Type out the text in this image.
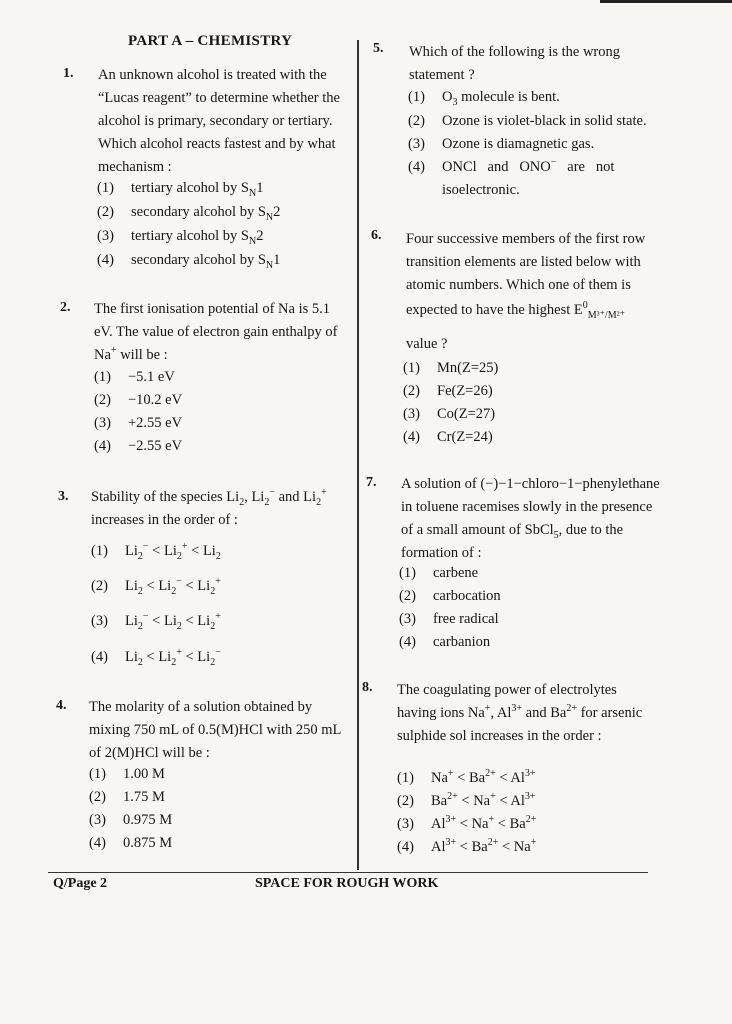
PART A – CHEMISTRY
1. An unknown alcohol is treated with the “Lucas reagent” to determine whether the alcohol is primary, secondary or tertiary. Which alcohol reacts fastest and by what mechanism :
(1) tertiary alcohol by $S_N1$
(2) secondary alcohol by $S_N2$
(3) tertiary alcohol by $S_N2$
(4) secondary alcohol by $S_N1$
2. The first ionisation potential of Na is 5.1 eV. The value of electron gain enthalpy of Na+ will be :
(1) −5.1 eV
(2) −10.2 eV
(3) +2.55 eV
(4) −2.55 eV
3. Stability of the species $Li_2$, $Li_2^-$ and $Li_2^+$ increases in the order of :
(1) $Li_2^- < Li_2^+ < Li_2$
(2) $Li_2 < Li_2^- < Li_2^+$
(3) $Li_2^- < Li_2 < Li_2^+$
(4) $Li_2 < Li_2^+ < Li_2^-$
4. The molarity of a solution obtained by mixing 750 mL of 0.5(M)HCl with 250 mL of 2(M)HCl will be :
(1) 1.00 M
(2) 1.75 M
(3) 0.975 M
(4) 0.875 M
5. Which of the following is the wrong statement ?
(1) $O_3$ molecule is bent.
(2) Ozone is violet-black in solid state.
(3) Ozone is diamagnetic gas.
(4) ONCl   and   ONO−   are   not
isoelectronic.
6. Four successive members of the first row transition elements are listed below with atomic numbers. Which one of them is
expected to have the highest $E^0_{M^{3+}/M^{2+}}$
value ?
(1) Mn(Z=25)
(2) Fe(Z=26)
(3) Co(Z=27)
(4) Cr(Z=24)
7. A solution of (−)−1−chloro−1−phenylethane in toluene racemises slowly in the presence of a small amount of SbCl$_5$, due to the formation of :
(1) carbene
(2) carbocation
(3) free radical
(4) carbanion
8. The coagulating power of electrolytes having ions Na+, $Al^{3+}$ and $Ba^{2+}$ for arsenic sulphide sol increases in the order :
(1) $Na^+ < Ba^{2+} < Al^{3+}$
(2) $Ba^{2+} < Na^+ < Al^{3+}$
(3) $Al^{3+} < Na^+ < Ba^{2+}$
(4) $Al^{3+} < Ba^{2+} < Na^+$
Q/Page 2	SPACE FOR ROUGH WORK
